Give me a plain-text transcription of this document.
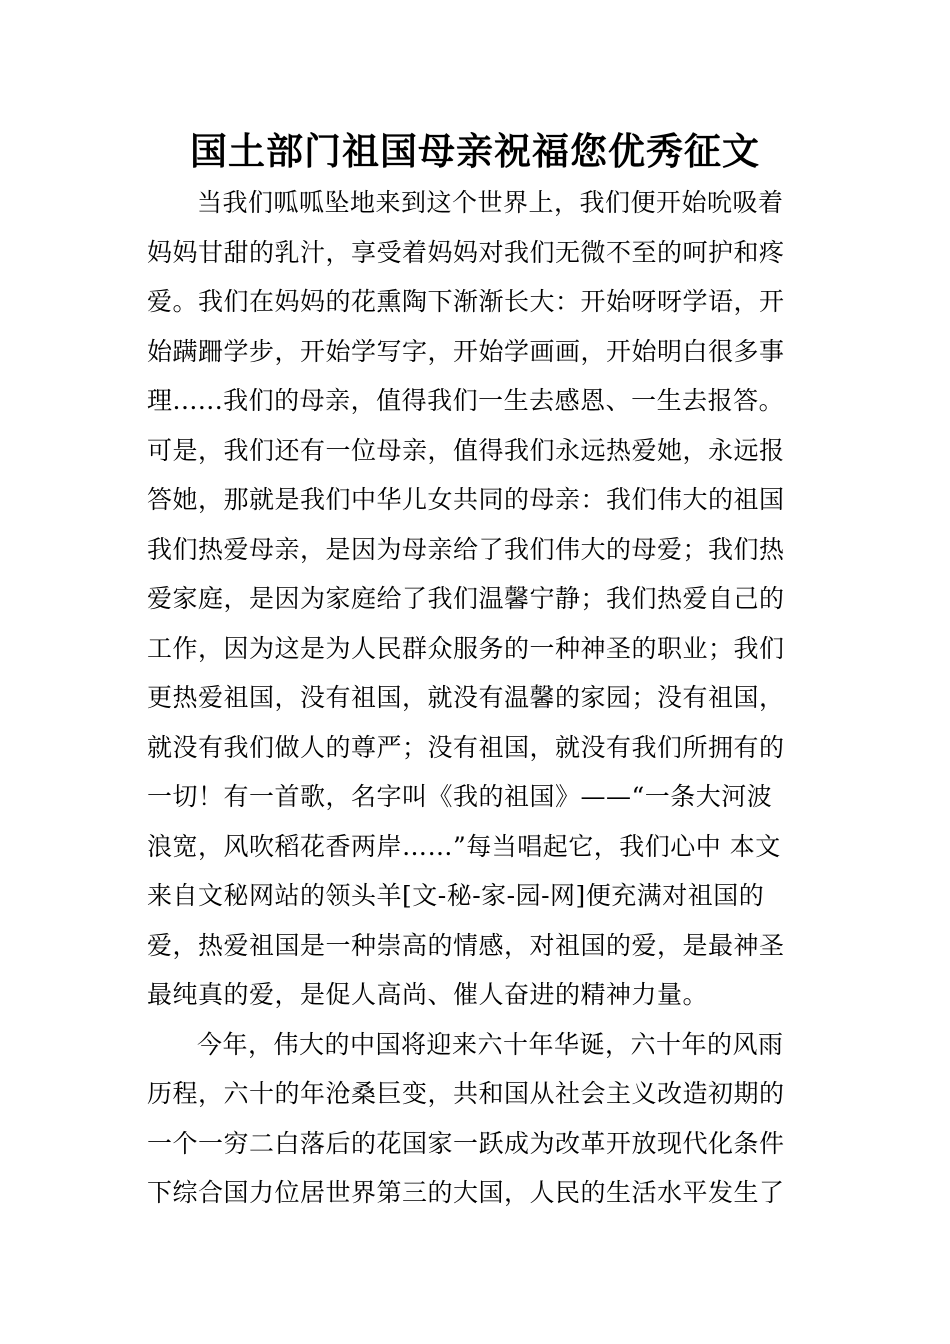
国土部门祖国母亲祝福您优秀征文
当我们呱呱坠地来到这个世界上，我们便开始吮吸着
妈妈甘甜的乳汁，享受着妈妈对我们无微不至的呵护和疼
爱。我们在妈妈的花熏陶下渐渐长大：开始呀呀学语，开
始蹒跚学步，开始学写字，开始学画画，开始明白很多事
理......我们的母亲，值得我们一生去感恩、一生去报答。
可是，我们还有一位母亲，值得我们永远热爱她，永远报
答她，那就是我们中华儿女共同的母亲：我们伟大的祖国
我们热爱母亲，是因为母亲给了我们伟大的母爱；我们热
爱家庭，是因为家庭给了我们温馨宁静；我们热爱自己的
工作，因为这是为人民群众服务的一种神圣的职业；我们
更热爱祖国，没有祖国，就没有温馨的家园；没有祖国，
就没有我们做人的尊严；没有祖国，就没有我们所拥有的
一切！有一首歌，名字叫《我的祖国》——“一条大河波
浪宽，风吹稻花香两岸……”每当唱起它，我们心中 本文
来自文秘网站的领头羊[文-秘-家-园-网]便充满对祖国的
爱，热爱祖国是一种崇高的情感，对祖国的爱，是最神圣
最纯真的爱，是促人高尚、催人奋进的精神力量。
今年，伟大的中国将迎来六十年华诞，六十年的风雨
历程，六十的年沧桑巨变，共和国从社会主义改造初期的
一个一穷二白落后的花国家一跃成为改革开放现代化条件
下综合国力位居世界第三的大国，人民的生活水平发生了
